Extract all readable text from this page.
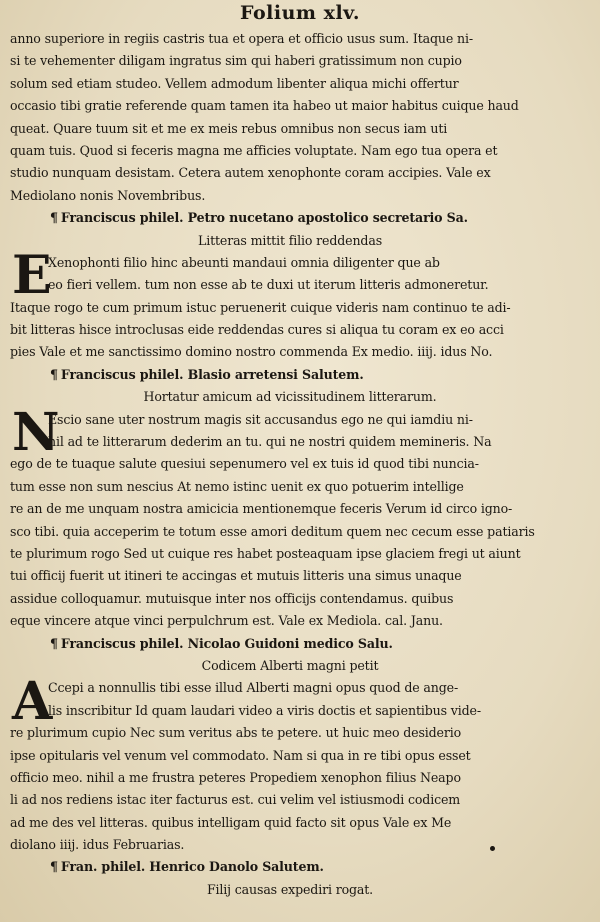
Folium xlv.
anno superiore in regiis castris tua et opera et officio usus sum. Itaque ni-
si te vehementer diligam ingratus sim qui haberi gratissimum non cupio
solum sed etiam studeo. Vellem admodum libenter aliqua michi offertur
occasio tibi gratie referende quam tamen ita habeo ut maior habitus cuique haud
queat. Quare tuum sit et me ex meis rebus omnibus non secus iam uti
quam tuis. Quod si feceris magna me afficies voluptate. Nam ego tua opera et
studio nunquam desistam. Cetera autem xenophonte coram accipies. Vale ex
Mediolano nonis Novembribus.
¶ Franciscus philel. Petro nucetano apostolico secretario Sa.
Litteras mittit filio reddendas
Xenophonti filio hinc abeunti mandaui omnia diligenter que ab
E
eo fieri vellem. tum non esse ab te duxi ut iterum litteris admoneretur.
Itaque rogo te cum primum istuc peruenerit cuique videris nam continuo te adi-
bit litteras hisce introclusas eide reddendas cures si aliqua tu coram ex eo acci
pies Vale et me sanctissimo domino nostro commenda Ex medio. iiij. idus No.
¶ Franciscus philel. Blasio arretensi Salutem.
Hortatur amicum ad vicissitudinem litterarum.
Escio sane uter nostrum magis sit accusandus ego ne qui iamdiu ni-
N
hil ad te litterarum dederim an tu. qui ne nostri quidem memineris. Na
ego de te tuaque salute quesiui sepenumero vel ex tuis id quod tibi nuncia-
tum esse non sum nescius At nemo istinc uenit ex quo potuerim intellige
re an de me unquam nostra amicicia mentionemque feceris Verum id circo igno-
sco tibi. quia acceperim te totum esse amori deditum quem nec cecum esse patiaris
te plurimum rogo Sed ut cuique res habet posteaquam ipse glaciem fregi ut aiunt
tui officij fuerit ut itineri te accingas et mutuis litteris una simus unaque
assidue colloquamur. mutuisque inter nos officijs contendamus. quibus
eque vincere atque vinci perpulchrum est. Vale ex Mediola. cal. Janu.
¶ Franciscus philel. Nicolao Guidoni medico Salu.
Codicem Alberti magni petit
Ccepi a nonnullis tibi esse illud Alberti magni opus quod de ange-
A
lis inscribitur Id quam laudari video a viris doctis et sapientibus vide-
re plurimum cupio Nec sum veritus abs te petere. ut huic meo desiderio
ipse opitularis vel venum vel commodato. Nam si qua in re tibi opus esset
officio meo. nihil a me frustra peteres Propediem xenophon filius Neapo
li ad nos rediens istac iter facturus est. cui velim vel istiusmodi codicem
ad me des vel litteras. quibus intelligam quid facto sit opus Vale ex Me
diolano iiij. idus Februarias.
¶ Fran. philel. Henrico Danolo Salutem.
Filij causas expediri rogat.
